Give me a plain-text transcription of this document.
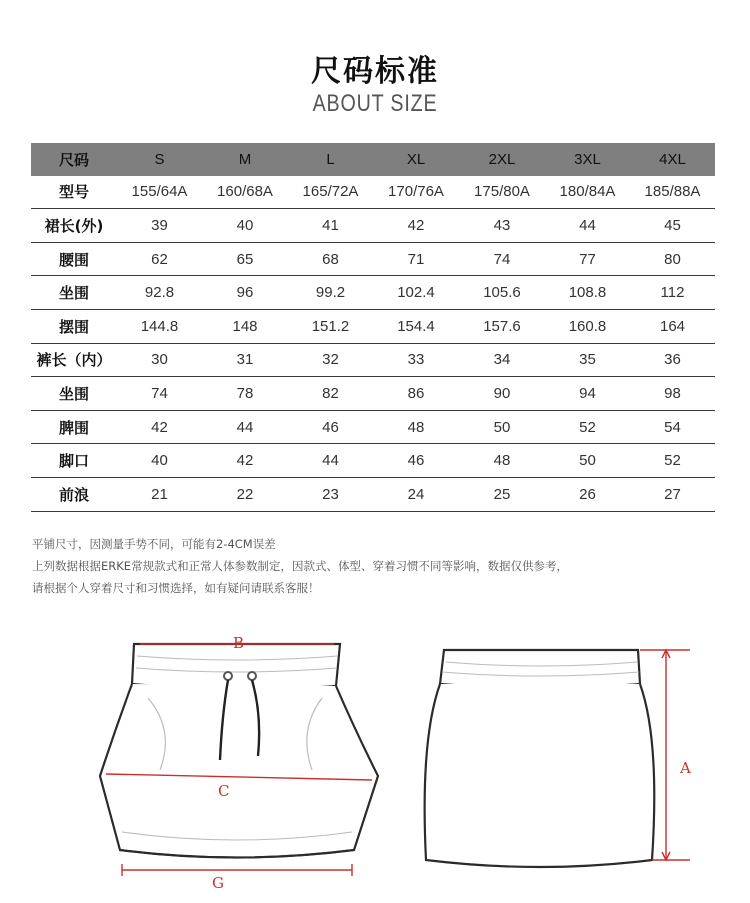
尺码标准
ABOUT SIZE
尺码	S	M	L	XL	2XL	3XL	4XL
型号	155/64A	160/68A	165/72A	170/76A	175/80A	180/84A	185/88A
裙长(外)	39	40	41	42	43	44	45
腰围	62	65	68	71	74	77	80
坐围	92.8	96	99.2	102.4	105.6	108.8	112
摆围	144.8	148	151.2	154.4	157.6	160.8	164
裤长（内）	30	31	32	33	34	35	36
坐围	74	78	82	86	90	94	98
脾围	42	44	46	48	50	52	54
脚口	40	42	44	46	48	50	52
前浪	21	22	23	24	25	26	27
平铺尺寸，因测量手势不同，可能有2-4CM误差
上列数据根据ERKE常规款式和正常人体参数制定，因款式、体型、穿着习惯不同等影响，数据仅供参考，
请根据个人穿着尺寸和习惯选择，如有疑问请联系客服！
B
C
G
A
